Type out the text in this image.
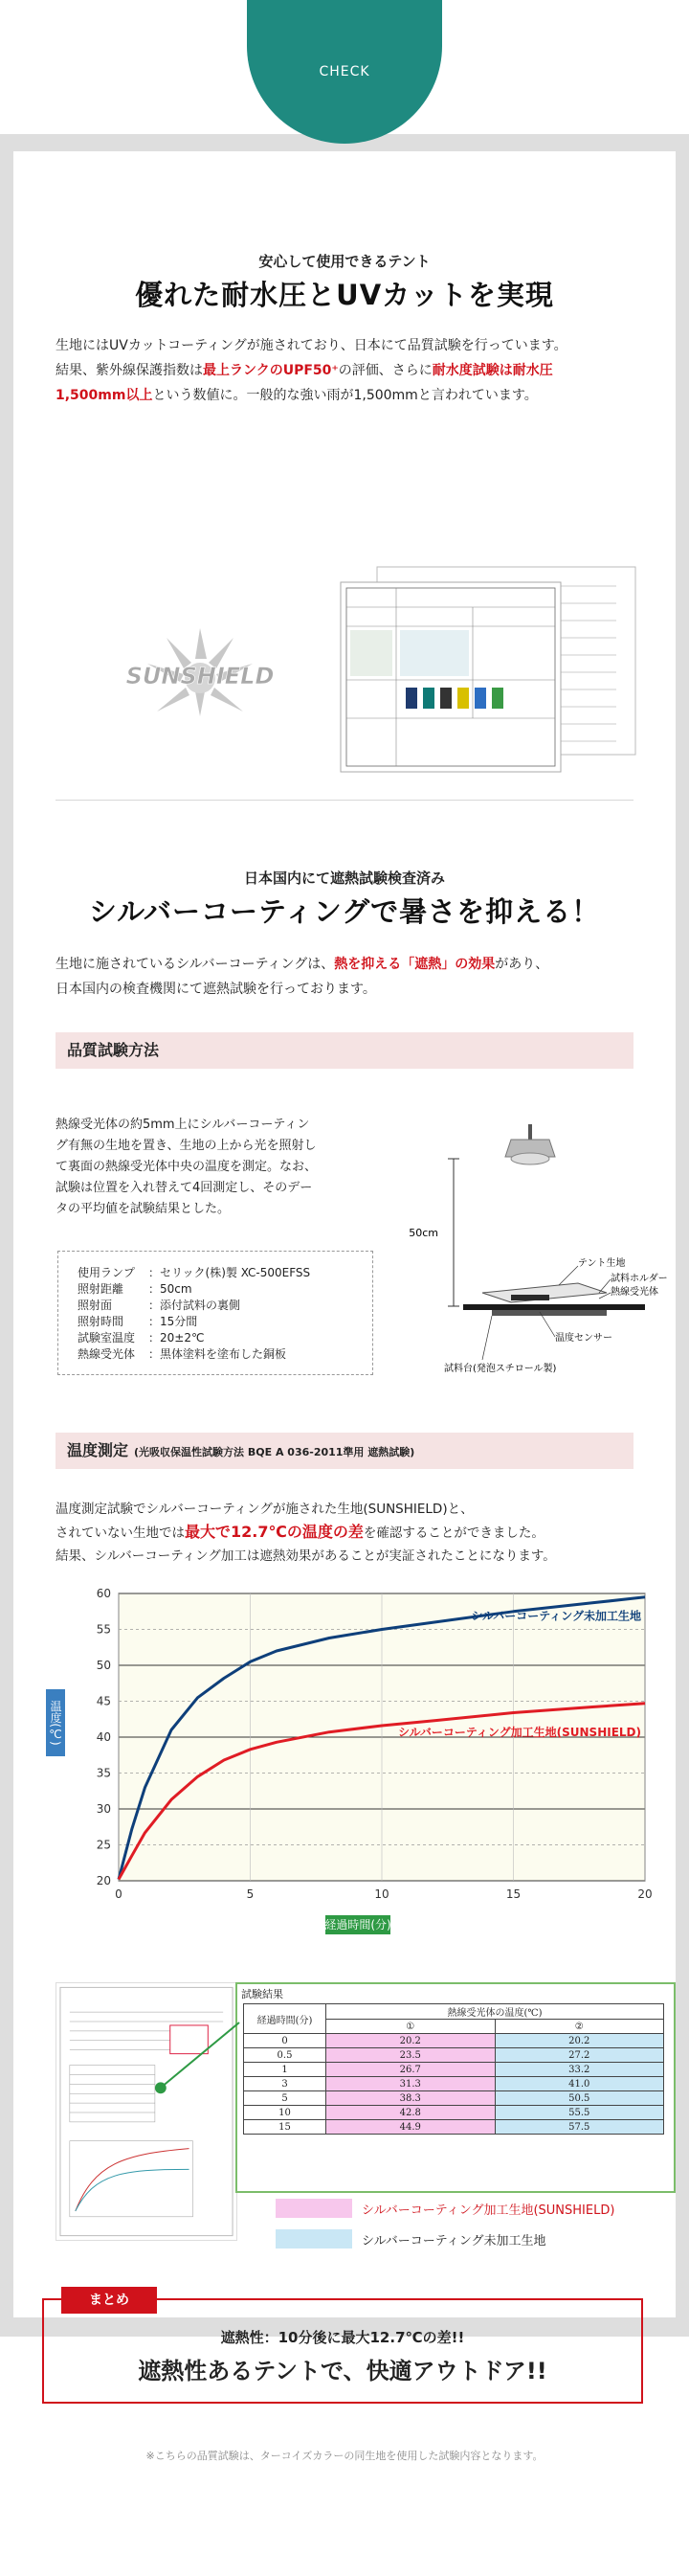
安心して使用できるテント
優れた耐水圧とUVカットを実現
生地にはUVカットコーティングが施されており、日本にて品質試験を行っています。
結果、紫外線保護指数は最上ランクのUPF50⁺の評価、さらに耐水度試験は耐水圧
1,500mm以上という数値に。一般的な強い雨が1,500mmと言われています。
SUNSHIELD
日本国内にて遮熱試験検査済み
シルバーコーティングで暑さを抑える！
生地に施されているシルバーコーティングは、熱を抑える「遮熱」の効果があり、
日本国内の検査機関にて遮熱試験を行っております。
品質試験方法
熱線受光体の約5mm上にシルバーコーティン
グ有無の生地を置き、生地の上から光を照射し
て裏面の熱線受光体中央の温度を測定。なお、
試験は位置を入れ替えて4回測定し、そのデー
タの平均値を試験結果とした。
使用ランプ	：セリック(株)製 XC-500EFSS
照射距離	：50cm
照射面	：添付試料の裏側
照射時間	：15分間
試験室温度	：20±2℃
熱線受光体	：黒体塗料を塗布した銅板
50cm
テント生地
試料ホルダー
熱線受光体
温度センサー
試料台(発泡スチロール製)
温度測定 (光吸収保温性試験方法 BQE A 036-2011準用 遮熱試験)
温度測定試験でシルバーコーティングが施された生地(SUNSHIELD)と、
されていない生地では最大で12.7℃の温度の差を確認することができました。
結果、シルバーコーティング加工は遮熱効果があることが実証されたことになります。
0	5	10	15	20
20
25
30
35
40
45
50
55
60
シルバーコーティング未加工生地
シルバーコーティング加工生地(SUNSHIELD)
温度(℃)
経過時間(分)
試験結果
経過時間(分)	熱線受光体の温度(℃)	
	①	②
0	20.2	20.2
0.5	23.5	27.2
1	26.7	33.2
3	31.3	41.0
5	38.3	50.5
10	42.8	55.5
15	44.9	57.5
シルバーコーティング加工生地(SUNSHIELD)
シルバーコーティング未加工生地
まとめ
遮熱性：10分後に最大12.7℃の差!!
遮熱性あるテントで、快適アウトドア!!
※こちらの品質試験は、ターコイズカラーの同生地を使用した試験内容となります。
CHECK
